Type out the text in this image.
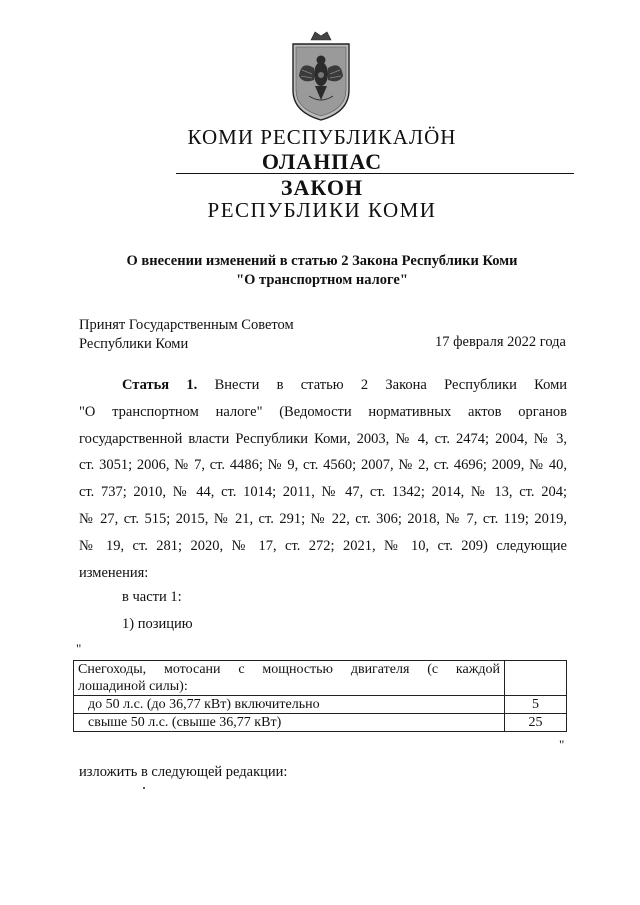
КОМИ РЕСПУБЛИКАЛÖН
ОЛАНПАС
ЗАКОН
РЕСПУБЛИКИ КОМИ
О внесении изменений в статью 2 Закона Республики Коми
"О транспортном налоге"
Принят Государственным Советом
Республики Коми	17 февраля 2022 года
Статья 1. Внести в статью 2 Закона Республики Коми
"О транспортном налоге" (Ведомости нормативных актов органов
государственной власти Республики Коми, 2003, № 4, ст. 2474; 2004, № 3,
ст. 3051; 2006, № 7, ст. 4486; № 9, ст. 4560; 2007, № 2, ст. 4696; 2009, № 40,
ст. 737; 2010, № 44, ст. 1014; 2011, № 47, ст. 1342; 2014, № 13, ст. 204;
№ 27, ст. 515; 2015, № 21, ст. 291; № 22, ст. 306; 2018, № 7, ст. 119; 2019,
№ 19, ст. 281; 2020, № 17, ст. 272; 2021, № 10, ст. 209) следующие
изменения:
в части 1:
1) позицию
"
Снегоходы, мотосани с мощностью двигателя (с каждой
лошадиной силы):	

до 50 л.с. (до 36,77 кВт) включительно	5
свыше 50 л.с. (свыше 36,77 кВт)	25
"
изложить в следующей редакции:
